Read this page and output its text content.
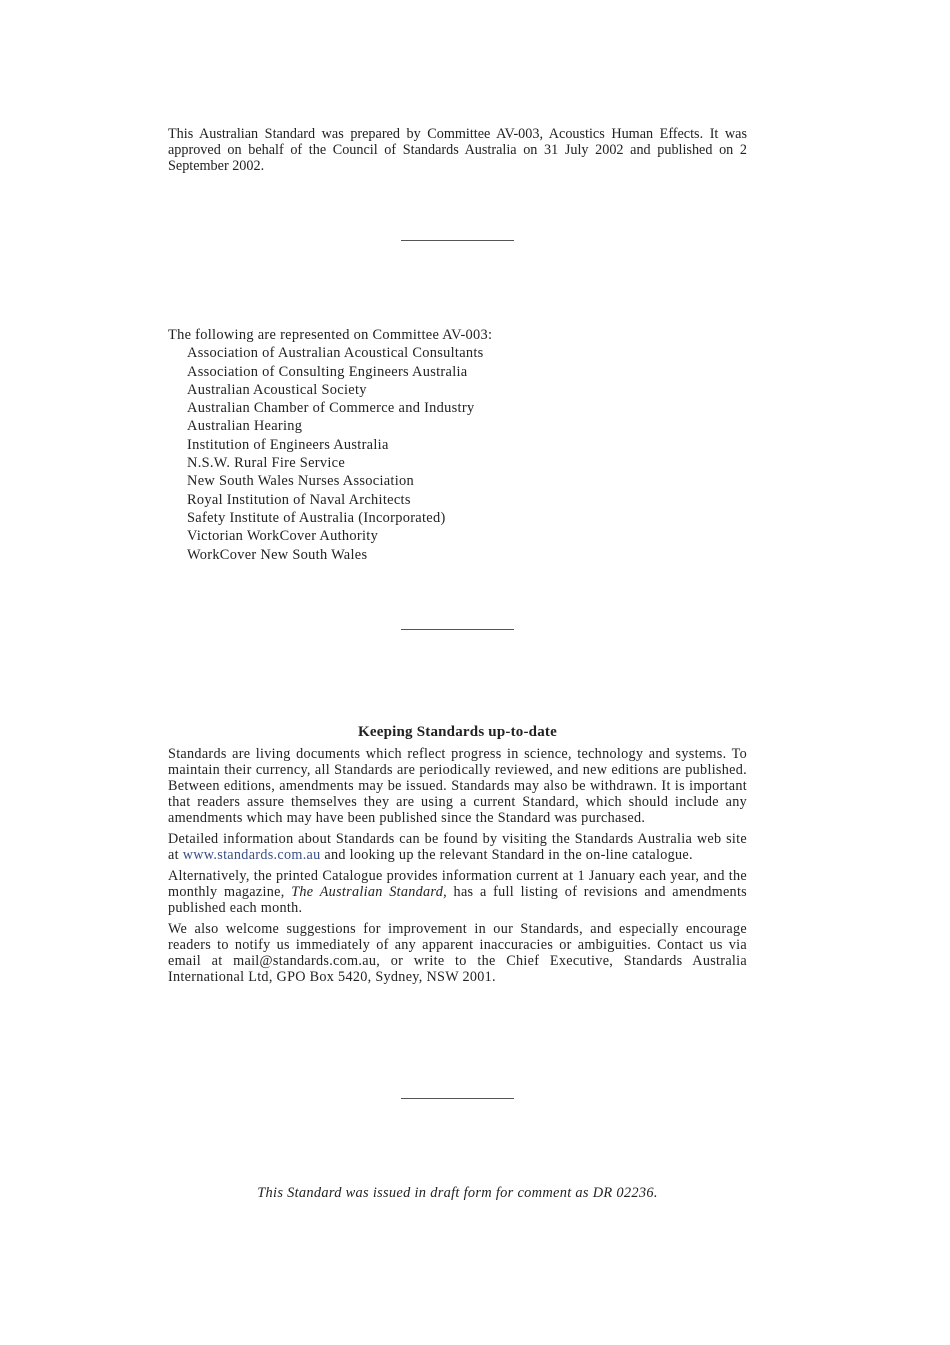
This Australian Standard was prepared by Committee AV-003, Acoustics Human Effects. It was approved on behalf of the Council of Standards Australia on 31 July 2002 and published on 2 September 2002.

The following are represented on Committee AV-003:
Association of Australian Acoustical Consultants
Association of Consulting Engineers Australia
Australian Acoustical Society
Australian Chamber of Commerce and Industry
Australian Hearing
Institution of Engineers Australia
N.S.W. Rural Fire Service
New South Wales Nurses Association
Royal Institution of Naval Architects
Safety Institute of Australia (Incorporated)
Victorian WorkCover Authority
WorkCover New South Wales
Keeping Standards up-to-date

Standards are living documents which reflect progress in science, technology and systems. To maintain their currency, all Standards are periodically reviewed, and new editions are published. Between editions, amendments may be issued. Standards may also be withdrawn. It is important that readers assure themselves they are using a current Standard, which should include any amendments which may have been published since the Standard was purchased.

Detailed information about Standards can be found by visiting the Standards Australia web site at www.standards.com.au and looking up the relevant Standard in the on-line catalogue.

Alternatively, the printed Catalogue provides information current at 1 January each year, and the monthly magazine, The Australian Standard, has a full listing of revisions and amendments published each month.

We also welcome suggestions for improvement in our Standards, and especially encourage readers to notify us immediately of any apparent inaccuracies or ambiguities. Contact us via email at mail@standards.com.au, or write to the Chief Executive, Standards Australia International Ltd, GPO Box 5420, Sydney, NSW 2001.

This Standard was issued in draft form for comment as DR 02236.
